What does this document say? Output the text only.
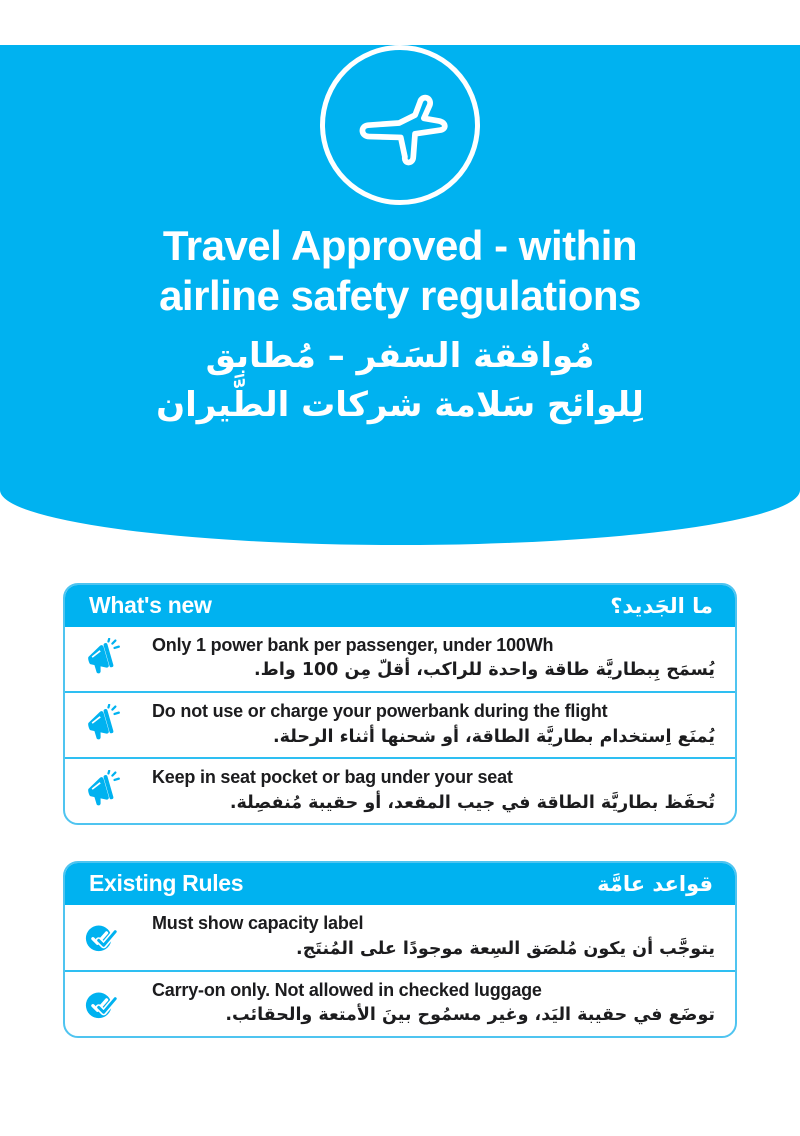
Travel Approved - within
airline safety regulations
مُوافقة السَفر – مُطابق
لِلوائح سَلامة شركات الطَّيران
What's new	ما الجَديد؟
Only 1 power bank per passenger, under 100Wh
يُسمَح بِبطاريَّة طاقة واحدة للراكب، أقلّ مِن 100 واط.
Do not use or charge your powerbank during the flight
يُمنَع اِستخدام بطاريَّة الطاقة، أو شحنها أثناء الرحلة.
Keep in seat pocket or bag under your seat
تُحفَظ بطاريَّة الطاقة في جيب المقعد، أو حقيبة مُنفصِلة.
Existing Rules	قواعد عامَّة
Must show capacity label
يتوجَّب أن يكون مُلصَق السِعة موجودًا على المُنتَج.
Carry-on only. Not allowed in checked luggage
توضَع في حقيبة اليَد، وغير مسمُوح بينَ الأمتعة والحقائب.
